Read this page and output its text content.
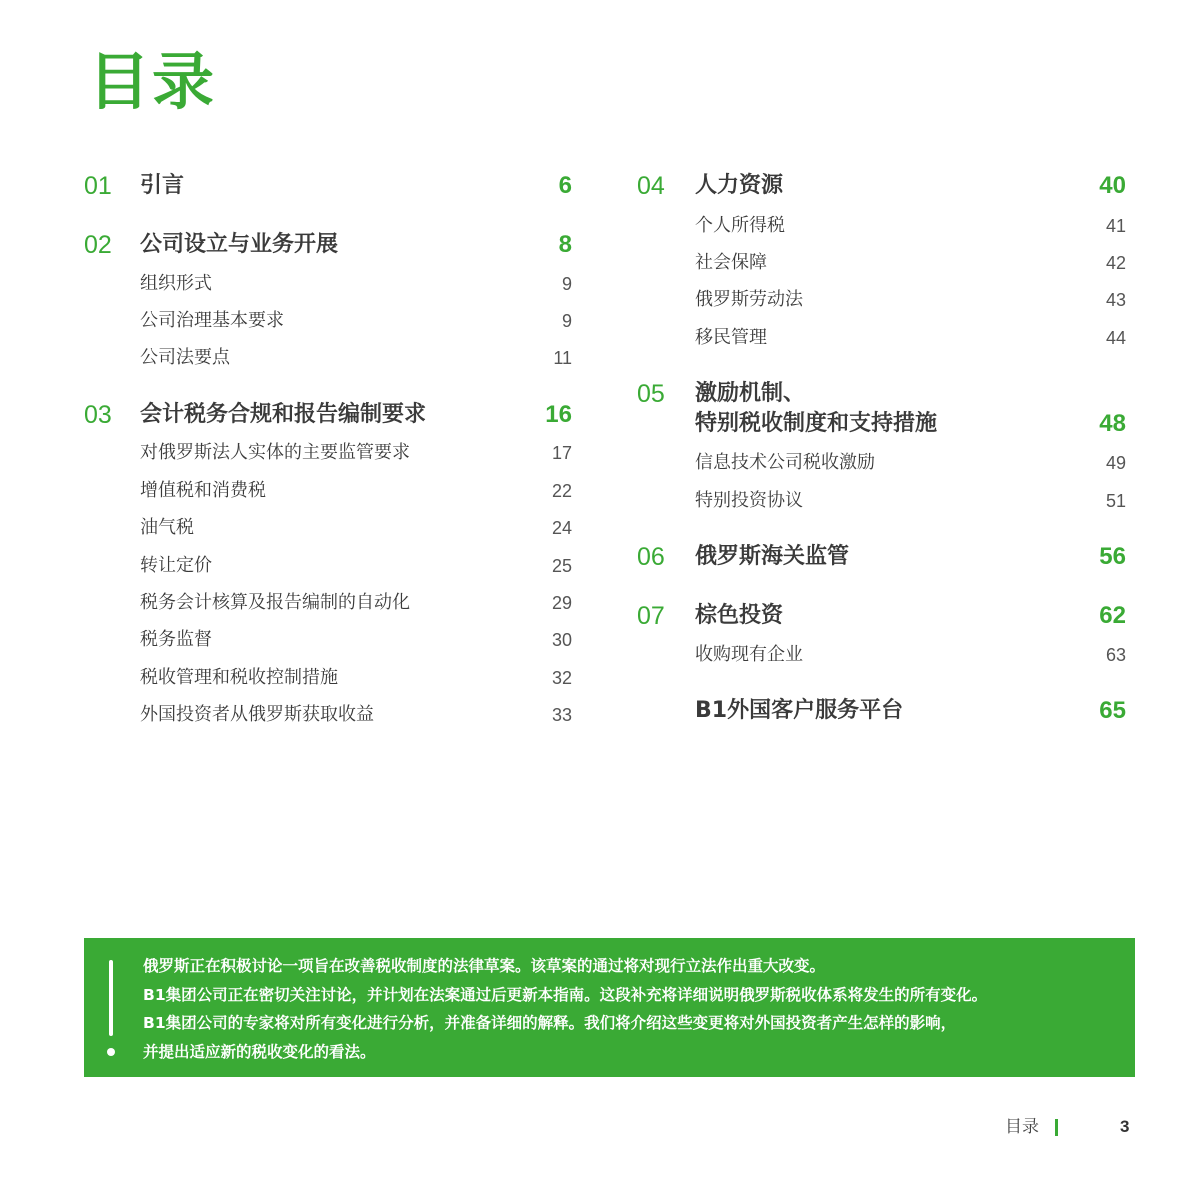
目录
01 引言	6
02 公司设立与业务开展	8
组织形式	9
公司治理基本要求	9
公司法要点	11
03 会计税务合规和报告编制要求	16
对俄罗斯法人实体的主要监管要求	17
增值税和消费税	22
油气税	24
转让定价	25
税务会计核算及报告编制的自动化	29
税务监督	30
税收管理和税收控制措施	32
外国投资者从俄罗斯获取收益	33
04 人力资源	40
个人所得税	41
社会保障	42
俄罗斯劳动法	43
移民管理	44
05 激励机制、
特别税收制度和支持措施	48
信息技术公司税收激励	49
特别投资协议	51
06 俄罗斯海关监管	56
07 棕色投资	62
收购现有企业	63
B1外国客户服务平台	65
俄罗斯正在积极讨论一项旨在改善税收制度的法律草案。该草案的通过将对现行立法作出重大改变。
B1集团公司正在密切关注讨论，并计划在法案通过后更新本指南。这段补充将详细说明俄罗斯税收体系将发生的所有变化。
B1集团公司的专家将对所有变化进行分析，并准备详细的解释。我们将介绍这些变更将对外国投资者产生怎样的影响，
并提出适应新的税收变化的看法。
目录	3
